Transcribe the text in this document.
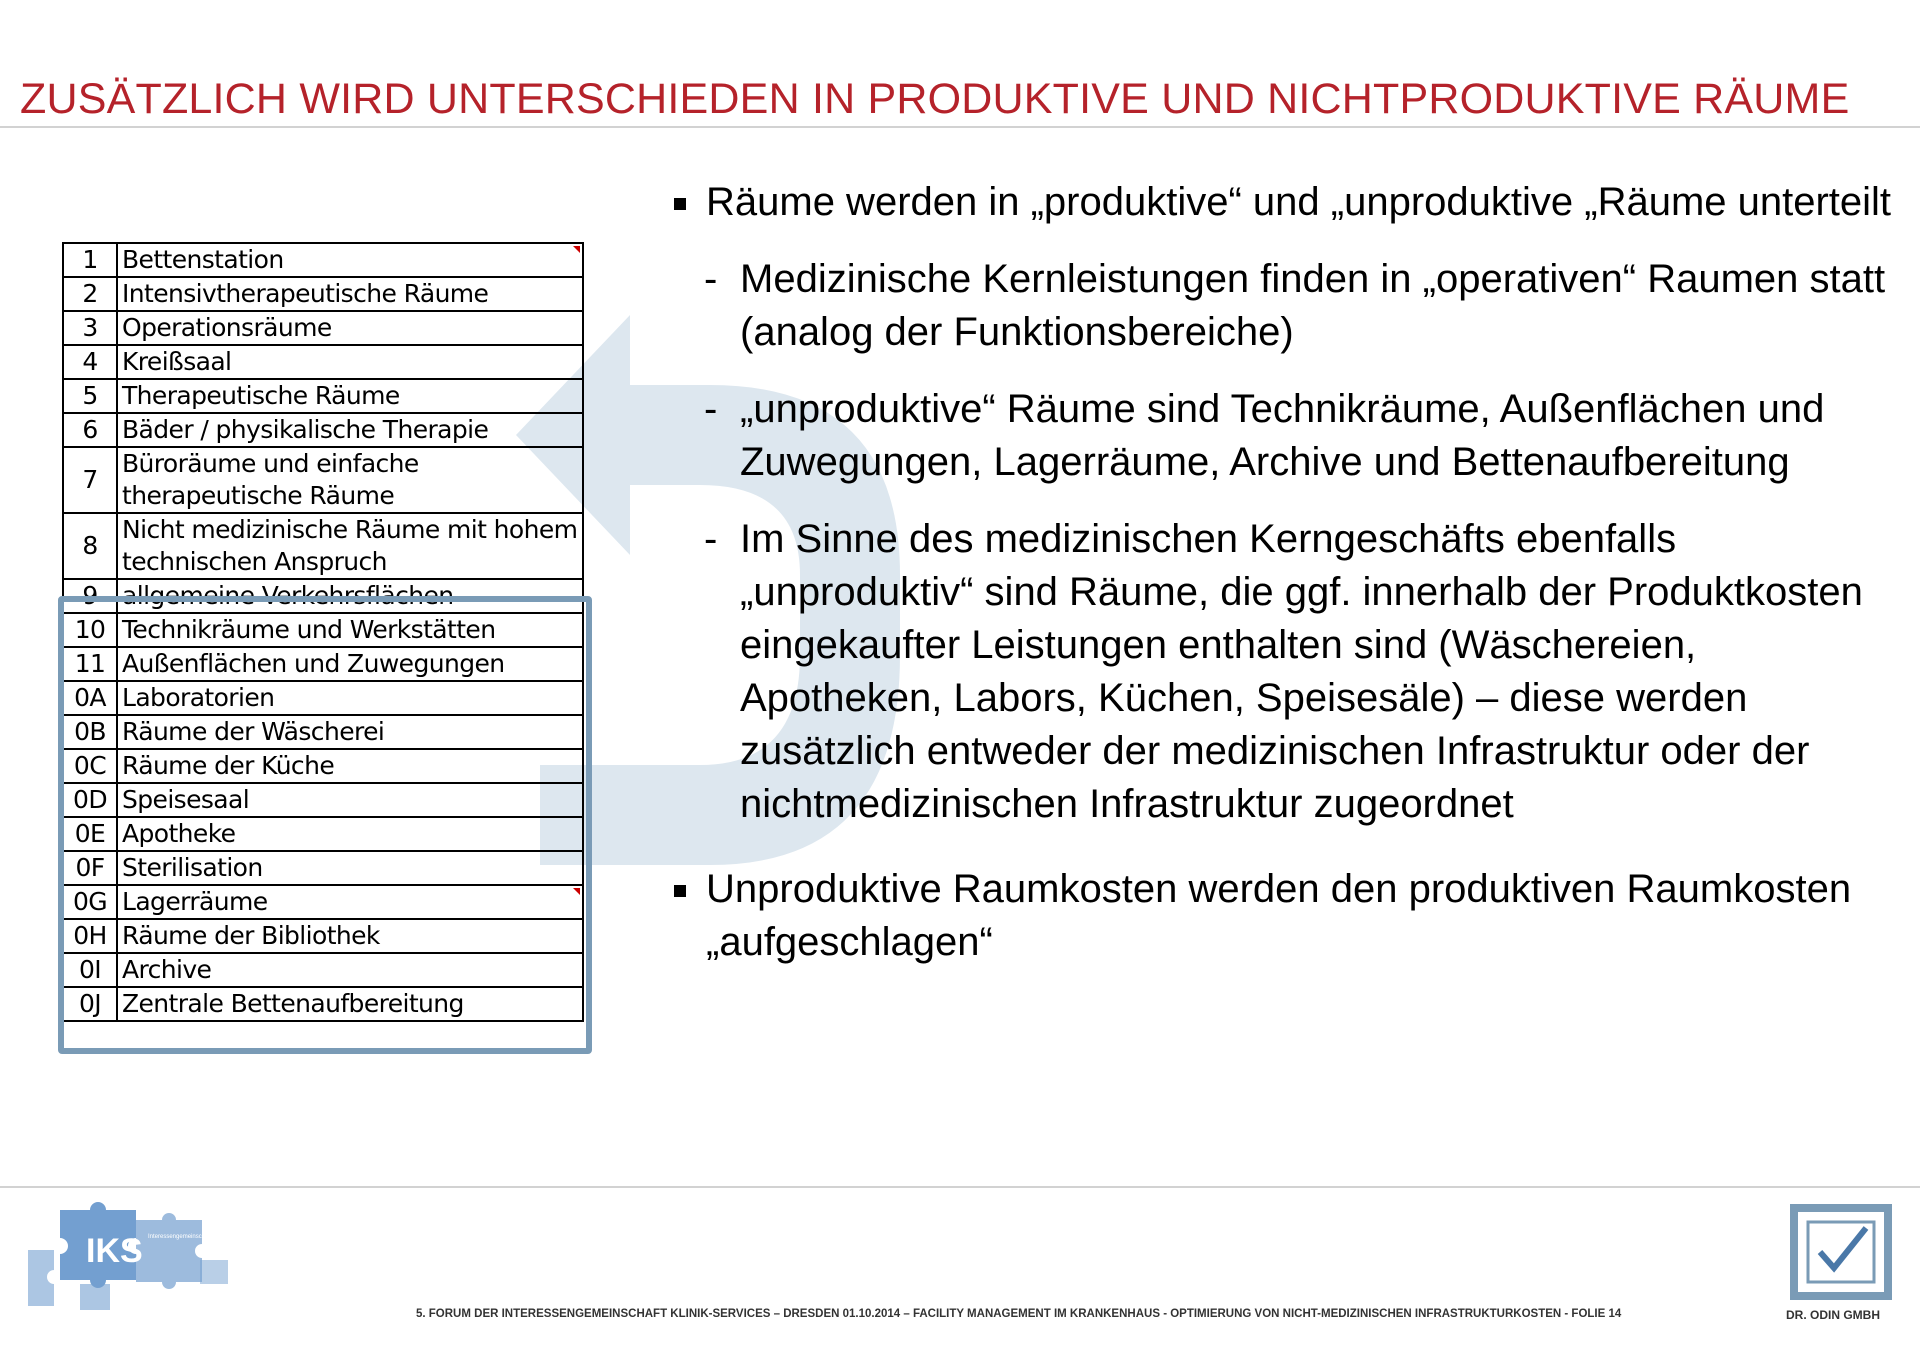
ZUSÄTZLICH WIRD UNTERSCHIEDEN IN PRODUKTIVE UND NICHTPRODUKTIVE RÄUME
1	Bettenstation

2	Intensivtherapeutische Räume
3	Operationsräume
4	Kreißsaal
5	Therapeutische Räume
6	Bäder / physikalische Therapie
7	Büroräume und einfache therapeutische Räume
8	Nicht medizinische Räume mit hohem technischen Anspruch
9	allgemeine Verkehrsflächen
10	Technikräume und Werkstätten
11	Außenflächen und Zuwegungen
0A	Laboratorien
0B	Räume der Wäscherei
0C	Räume der Küche
0D	Speisesaal
0E	Apotheke
0F	Sterilisation
0G	Lagerräume

0H	Räume der Bibliothek
0I	Archive
0J	Zentrale Bettenaufbereitung
Räume werden in „produktive“ und „unproduktive „Räume unterteilt
- Medizinische Kernleistungen finden in „operativen“ Raumen statt (analog der Funktionsbereiche)
- „unproduktive“ Räume sind Technikräume, Außenflächen und Zuwegungen, Lagerräume, Archive und Bettenaufbereitung
- Im Sinne des medizinischen Kerngeschäfts ebenfalls „unproduktiv“ sind Räume, die ggf. innerhalb der Produktkosten eingekaufter Leistungen enthalten sind (Wäschereien, Apotheken, Labors, Küchen, Speisesäle) – diese werden zusätzlich entweder der medizinischen Infrastruktur oder der nichtmedizinischen Infrastruktur zugeordnet
Unproduktive Raumkosten werden den produktiven Raumkosten „aufgeschlagen“
IKS Interessengemeinschaft Klinik-Services
5. FORUM DER INTERESSENGEMEINSCHAFT KLINIK-SERVICES – DRESDEN 01.10.2014 – FACILITY MANAGEMENT IM KRANKENHAUS - OPTIMIERUNG VON NICHT-MEDIZINISCHEN INFRASTRUKTURKOSTEN - FOLIE 14	DR. ODIN GMBH
